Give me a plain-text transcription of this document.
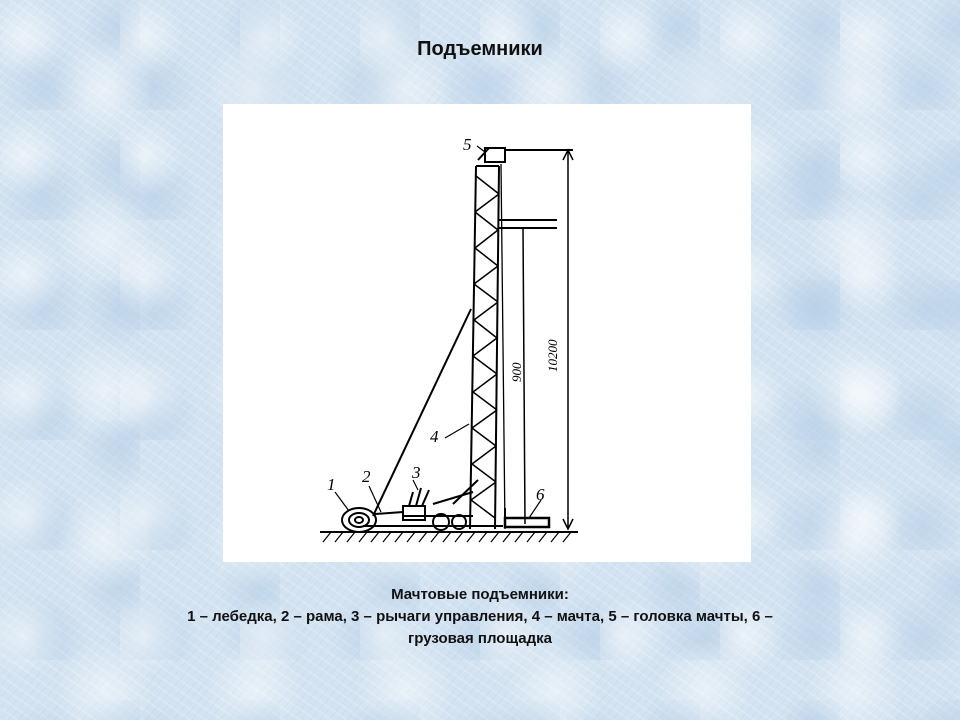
Подъемники
1 2 3
4
5
6
900
10200
Мачтовые подъемники:
1 – лебедка, 2 – рама, 3 – рычаги управления, 4 – мачта, 5 – головка мачты, 6 –
грузовая площадка
